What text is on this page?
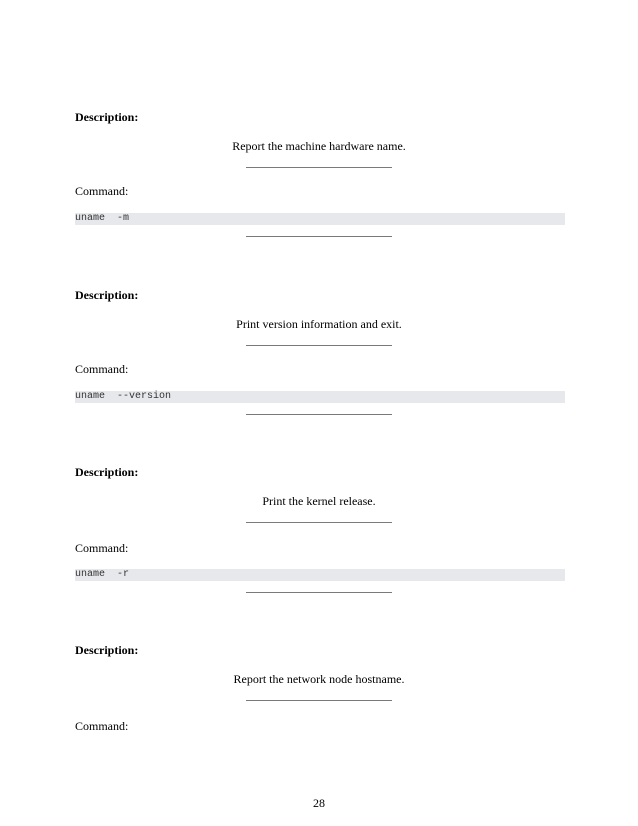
Description:
Report the machine hardware name.
Command:
uname  -m
Description:
Print version information and exit.
Command:
uname  --version
Description:
Print the kernel release.
Command:
uname  -r
Description:
Report the network node hostname.
Command:
28
